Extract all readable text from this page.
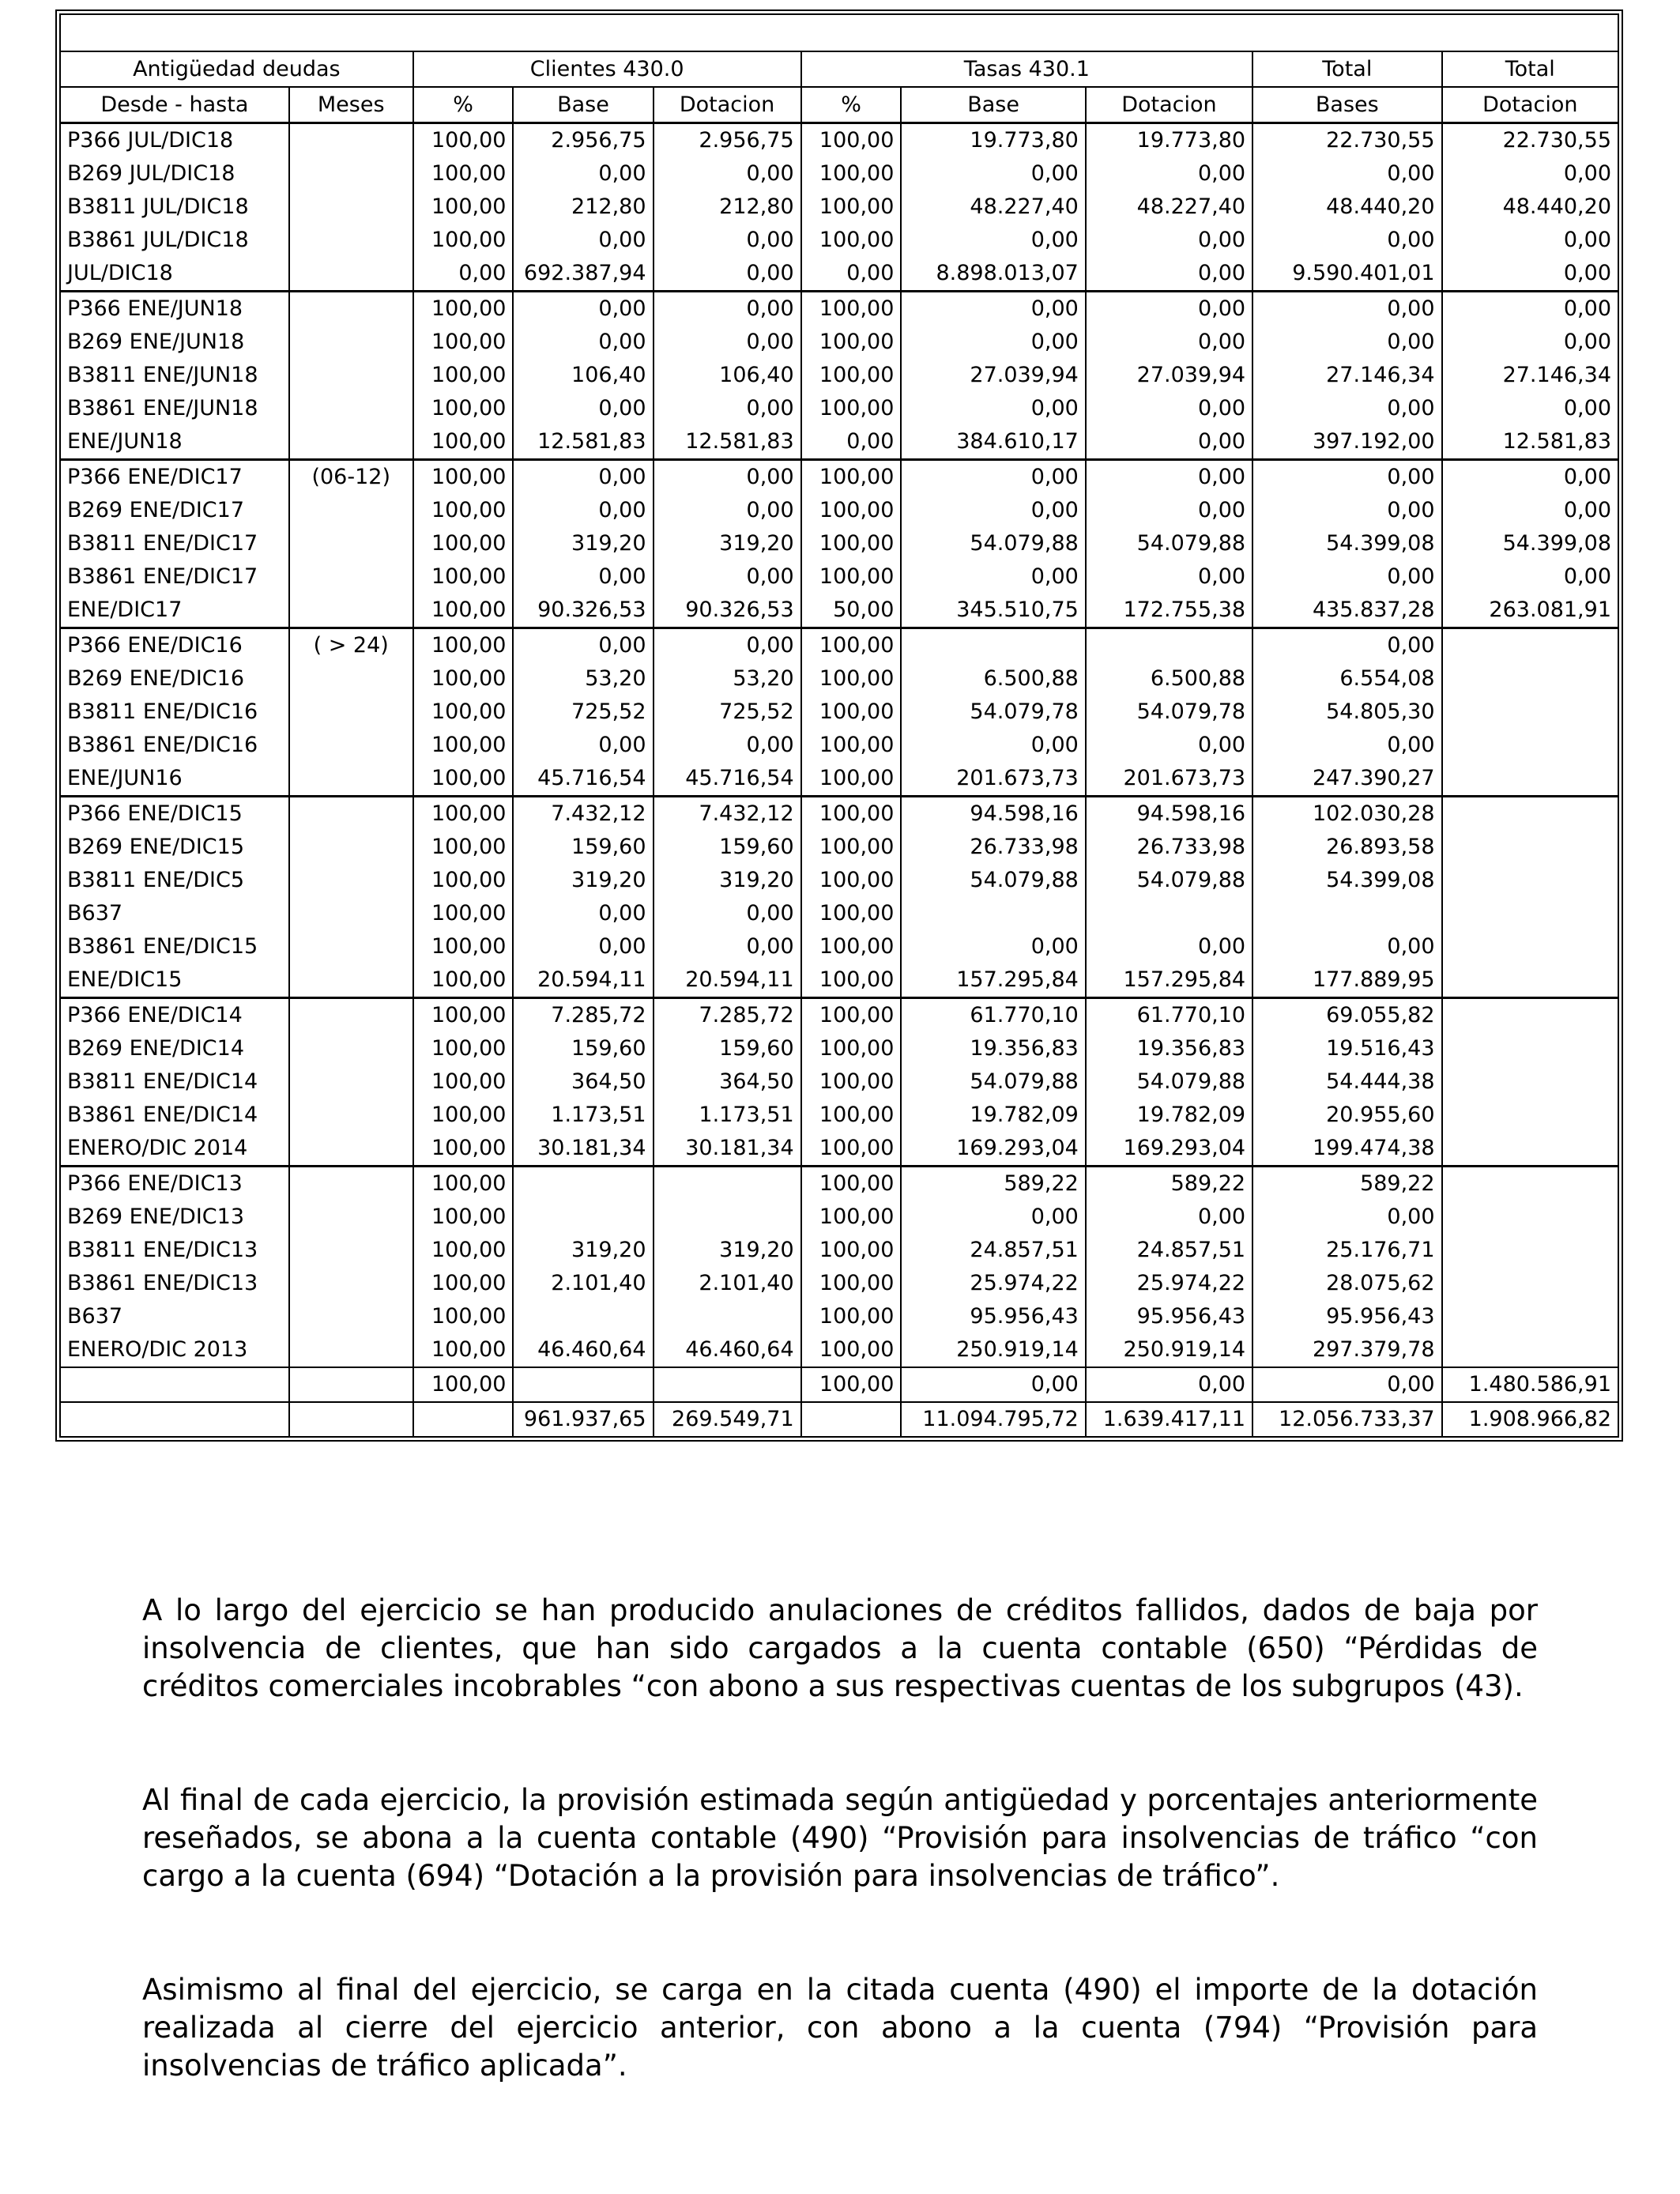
Antigüedad deudas		Clientes 430.0			Tasas 430.1			Total	Total
Desde - hasta	Meses	%	Base	Dotacion	%	Base	Dotacion	Bases	Dotacion
P366 JUL/DIC18		100,00	2.956,75	2.956,75	100,00	19.773,80	19.773,80	22.730,55	22.730,55
B269 JUL/DIC18		100,00	0,00	0,00	100,00	0,00	0,00	0,00	0,00
B3811 JUL/DIC18		100,00	212,80	212,80	100,00	48.227,40	48.227,40	48.440,20	48.440,20
B3861 JUL/DIC18		100,00	0,00	0,00	100,00	0,00	0,00	0,00	0,00
JUL/DIC18		0,00	692.387,94	0,00	0,00	8.898.013,07	0,00	9.590.401,01	0,00
P366 ENE/JUN18		100,00	0,00	0,00	100,00	0,00	0,00	0,00	0,00
B269 ENE/JUN18		100,00	0,00	0,00	100,00	0,00	0,00	0,00	0,00
B3811 ENE/JUN18		100,00	106,40	106,40	100,00	27.039,94	27.039,94	27.146,34	27.146,34
B3861 ENE/JUN18		100,00	0,00	0,00	100,00	0,00	0,00	0,00	0,00
ENE/JUN18		100,00	12.581,83	12.581,83	0,00	384.610,17	0,00	397.192,00	12.581,83
P366 ENE/DIC17	(06-12)	100,00	0,00	0,00	100,00	0,00	0,00	0,00	0,00
B269 ENE/DIC17		100,00	0,00	0,00	100,00	0,00	0,00	0,00	0,00
B3811 ENE/DIC17		100,00	319,20	319,20	100,00	54.079,88	54.079,88	54.399,08	54.399,08
B3861 ENE/DIC17		100,00	0,00	0,00	100,00	0,00	0,00	0,00	0,00
ENE/DIC17		100,00	90.326,53	90.326,53	50,00	345.510,75	172.755,38	435.837,28	263.081,91
P366 ENE/DIC16	( > 24)	100,00	0,00	0,00	100,00			0,00	
B269 ENE/DIC16		100,00	53,20	53,20	100,00	6.500,88	6.500,88	6.554,08	
B3811 ENE/DIC16		100,00	725,52	725,52	100,00	54.079,78	54.079,78	54.805,30	
B3861 ENE/DIC16		100,00	0,00	0,00	100,00	0,00	0,00	0,00	
ENE/JUN16		100,00	45.716,54	45.716,54	100,00	201.673,73	201.673,73	247.390,27	
P366 ENE/DIC15		100,00	7.432,12	7.432,12	100,00	94.598,16	94.598,16	102.030,28	
B269 ENE/DIC15		100,00	159,60	159,60	100,00	26.733,98	26.733,98	26.893,58	
B3811 ENE/DIC5		100,00	319,20	319,20	100,00	54.079,88	54.079,88	54.399,08	
B637		100,00	0,00	0,00	100,00				
B3861 ENE/DIC15		100,00	0,00	0,00	100,00	0,00	0,00	0,00	
ENE/DIC15		100,00	20.594,11	20.594,11	100,00	157.295,84	157.295,84	177.889,95	
P366 ENE/DIC14		100,00	7.285,72	7.285,72	100,00	61.770,10	61.770,10	69.055,82	
B269 ENE/DIC14		100,00	159,60	159,60	100,00	19.356,83	19.356,83	19.516,43	
B3811 ENE/DIC14		100,00	364,50	364,50	100,00	54.079,88	54.079,88	54.444,38	
B3861 ENE/DIC14		100,00	1.173,51	1.173,51	100,00	19.782,09	19.782,09	20.955,60	
ENERO/DIC 2014		100,00	30.181,34	30.181,34	100,00	169.293,04	169.293,04	199.474,38	
P366 ENE/DIC13		100,00			100,00	589,22	589,22	589,22	
B269 ENE/DIC13		100,00			100,00	0,00	0,00	0,00	
B3811 ENE/DIC13		100,00	319,20	319,20	100,00	24.857,51	24.857,51	25.176,71	
B3861 ENE/DIC13		100,00	2.101,40	2.101,40	100,00	25.974,22	25.974,22	28.075,62	
B637		100,00			100,00	95.956,43	95.956,43	95.956,43	
ENERO/DIC 2013		100,00	46.460,64	46.460,64	100,00	250.919,14	250.919,14	297.379,78	
		100,00			100,00	0,00	0,00	0,00	1.480.586,91
			961.937,65	269.549,71		11.094.795,72	1.639.417,11	12.056.733,37	1.908.966,82

A lo largo del ejercicio se han producido anulaciones de créditos fallidos, dados de baja por insolvencia de clientes, que han sido cargados a la cuenta contable (650) “Pérdidas de créditos comerciales incobrables “con abono a sus respectivas cuentas de los subgrupos (43).

Al final de cada ejercicio, la provisión estimada según antigüedad y porcentajes anteriormente reseñados, se abona a la cuenta contable (490) “Provisión para insolvencias de tráfico “con cargo a la cuenta (694) “Dotación a la provisión para insolvencias de tráfico”.

Asimismo al final del ejercicio, se carga en la citada cuenta (490) el importe de la dotación realizada al cierre del ejercicio anterior, con abono a la cuenta (794) “Provisión para insolvencias de tráfico aplicada”.
